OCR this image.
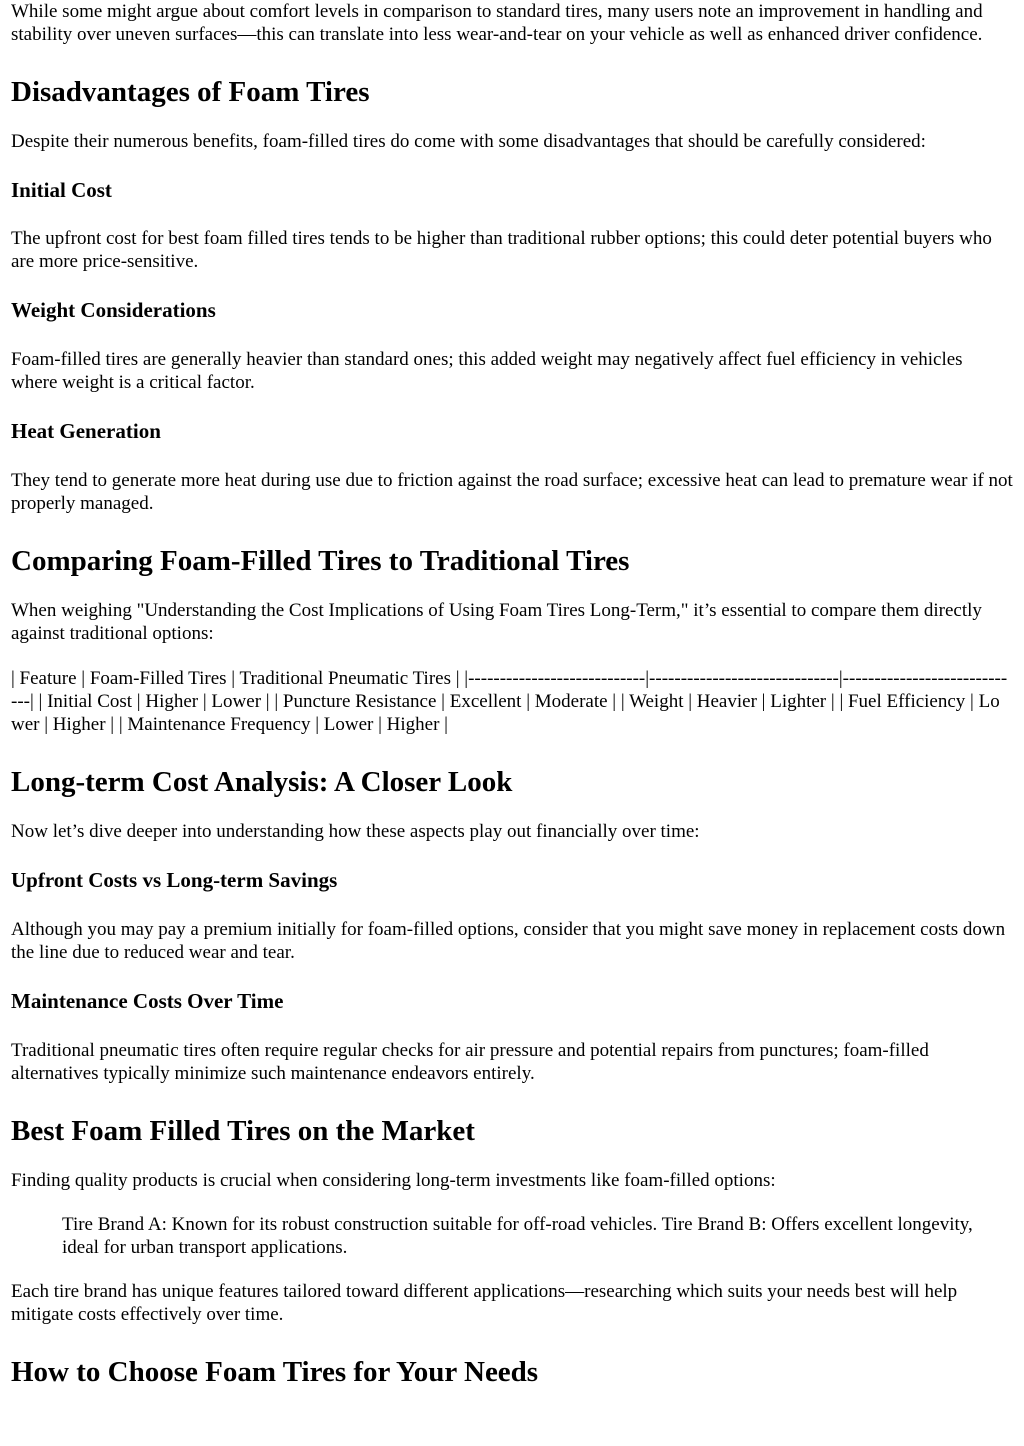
While some might argue about comfort levels in comparison to standard tires, many users note an improvement in handling and stability over uneven surfaces—this can translate into less wear-and-tear on your vehicle as well as enhanced driver confidence.

Disadvantages of Foam Tires

Despite their numerous benefits, foam-filled tires do come with some disadvantages that should be carefully considered:

Initial Cost

The upfront cost for best foam filled tires tends to be higher than traditional rubber options; this could deter potential buyers who are more price-sensitive.

Weight Considerations

Foam-filled tires are generally heavier than standard ones; this added weight may negatively affect fuel efficiency in vehicles where weight is a critical factor.

Heat Generation

They tend to generate more heat during use due to friction against the road surface; excessive heat can lead to premature wear if not properly managed.

Comparing Foam-Filled Tires to Traditional Tires

When weighing "Understanding the Cost Implications of Using Foam Tires Long-Term," it’s essential to compare them directly against traditional options:

| Feature | Foam-Filled Tires | Traditional Pneumatic Tires | |----------------------------|------------------------------|-----------------------------| | Initial Cost | Higher | Lower | | Puncture Resistance | Excellent | Moderate | | Weight | Heavier | Lighter | | Fuel Efficiency | Lower | Higher | | Maintenance Frequency | Lower | Higher |

Long-term Cost Analysis: A Closer Look

Now let’s dive deeper into understanding how these aspects play out financially over time:

Upfront Costs vs Long-term Savings

Although you may pay a premium initially for foam-filled options, consider that you might save money in replacement costs down the line due to reduced wear and tear.

Maintenance Costs Over Time

Traditional pneumatic tires often require regular checks for air pressure and potential repairs from punctures; foam-filled alternatives typically minimize such maintenance endeavors entirely.

Best Foam Filled Tires on the Market

Finding quality products is crucial when considering long-term investments like foam-filled options:

Tire Brand A: Known for its robust construction suitable for off-road vehicles. Tire Brand B: Offers excellent longevity, ideal for urban transport applications.

Each tire brand has unique features tailored toward different applications—researching which suits your needs best will help mitigate costs effectively over time.

How to Choose Foam Tires for Your Needs
